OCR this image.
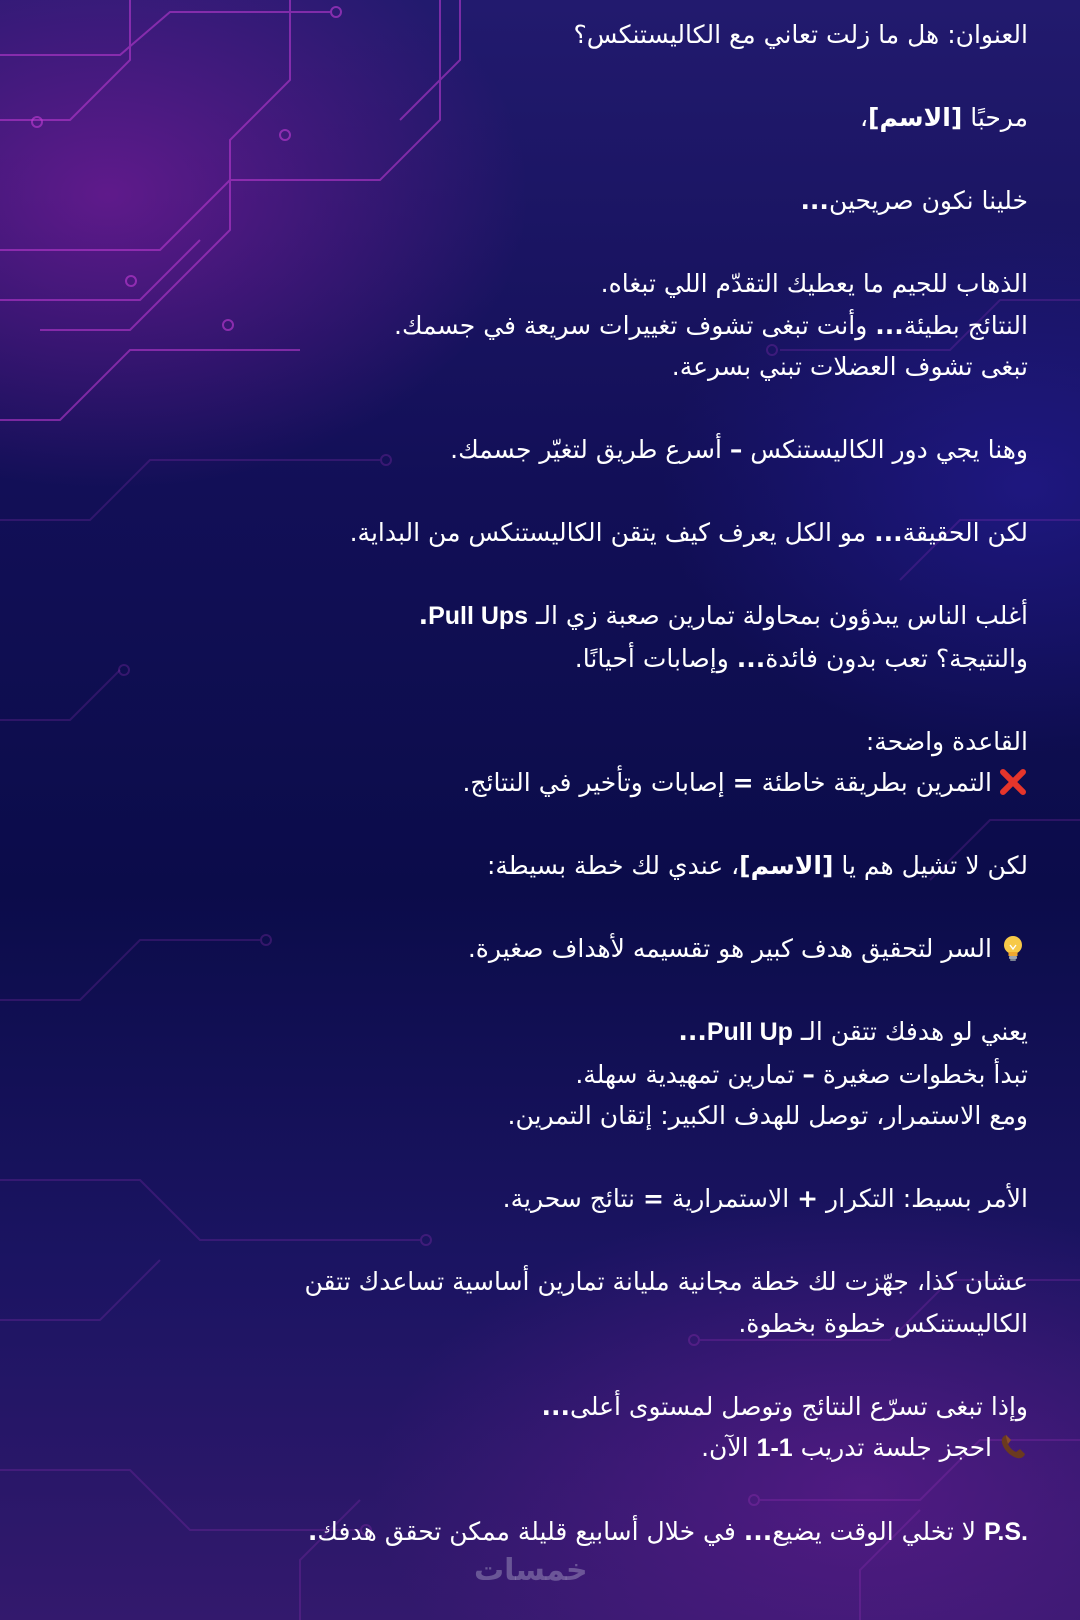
العنوان: هل ما زلت تعاني مع الكاليستنكس؟
مرحبًا [الاسم]،
خلينا نكون صريحين...
الذهاب للجيم ما يعطيك التقدّم اللي تبغاه.
النتائج بطيئة... وأنت تبغى تشوف تغييرات سريعة في جسمك.
تبغى تشوف العضلات تبني بسرعة.
وهنا يجي دور الكاليستنكس – أسرع طريق لتغيّر جسمك.
لكن الحقيقة... مو الكل يعرف كيف يتقن الكاليستنكس من البداية.
أغلب الناس يبدؤون بمحاولة تمارين صعبة زي الـ Pull Ups.
والنتيجة؟ تعب بدون فائدة... وإصابات أحيانًا.
القاعدة واضحة:
التمرين بطريقة خاطئة = إصابات وتأخير في النتائج.
لكن لا تشيل هم يا [الاسم]، عندي لك خطة بسيطة:
السر لتحقيق هدف كبير هو تقسيمه لأهداف صغيرة.
يعني لو هدفك تتقن الـ Pull Up...
تبدأ بخطوات صغيرة – تمارين تمهيدية سهلة.
ومع الاستمرار، توصل للهدف الكبير: إتقان التمرين.
الأمر بسيط: التكرار + الاستمرارية = نتائج سحرية.
عشان كذا، جهّزت لك خطة مجانية مليانة تمارين أساسية تساعدك تتقن الكاليستنكس خطوة بخطوة.
وإذا تبغى تسرّع النتائج وتوصل لمستوى أعلى...
احجز جلسة تدريب 1-1 الآن.
P.S. لا تخلي الوقت يضيع... في خلال أسابيع قليلة ممكن تحقق هدفك.
خمسات
